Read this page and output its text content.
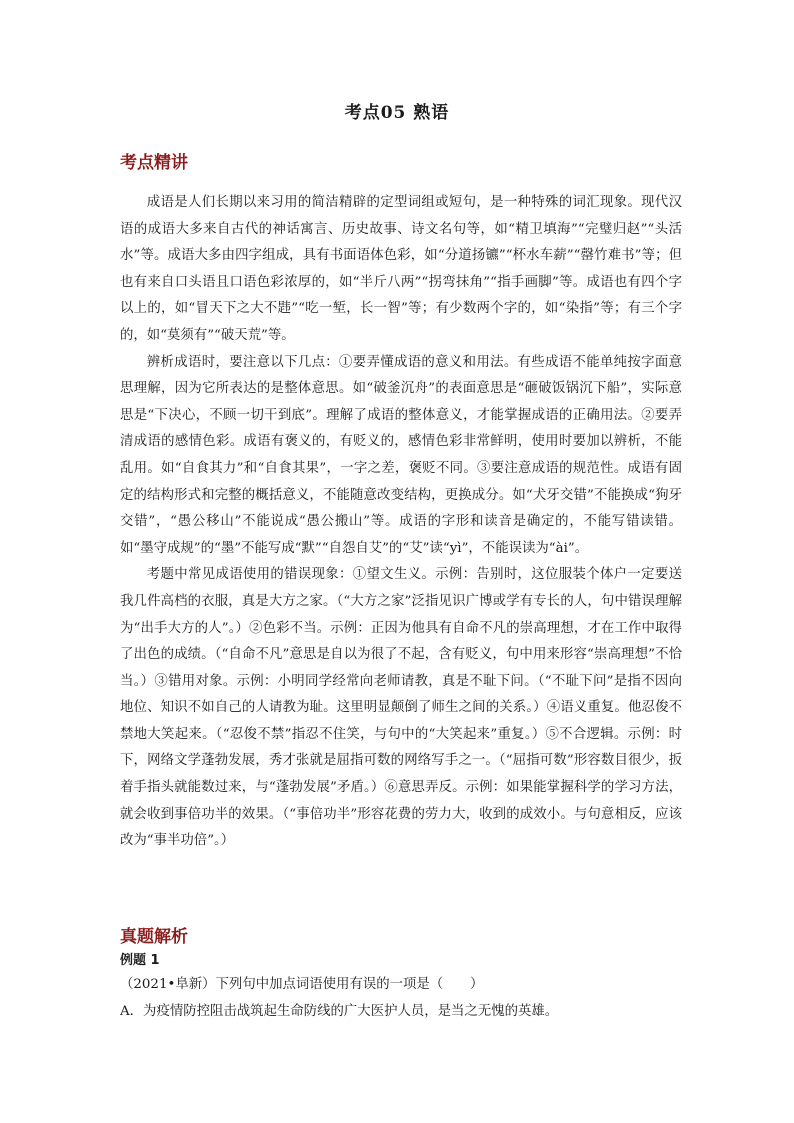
考点05 熟语
考点精讲

成语是人们长期以来习用的简洁精辟的定型词组或短句，是一种特殊的词汇现象。现代汉语的成语大多来自古代的神话寓言、历史故事、诗文名句等，如“精卫填海”“完璧归赵”“头活水”等。成语大多由四字组成，具有书面语体色彩，如“分道扬镳”“杯水车薪”“罄竹难书”等；但也有来自口头语且口语色彩浓厚的，如“半斤八两”“拐弯抹角”“指手画脚”等。成语也有四个字以上的，如“冒天下之大不韪”“吃一堑，长一智”等；有少数两个字的，如“染指”等；有三个字的，如“莫须有”“破天荒”等。

辨析成语时，要注意以下几点：①要弄懂成语的意义和用法。有些成语不能单纯按字面意思理解，因为它所表达的是整体意思。如“破釜沉舟”的表面意思是“砸破饭锅沉下船”，实际意思是“下决心，不顾一切干到底”。理解了成语的整体意义，才能掌握成语的正确用法。②要弄清成语的感情色彩。成语有褒义的，有贬义的，感情色彩非常鲜明，使用时要加以辨析，不能乱用。如“自食其力”和“自食其果”，一字之差，褒贬不同。③要注意成语的规范性。成语有固定的结构形式和完整的概括意义，不能随意改变结构，更换成分。如“犬牙交错”不能换成“狗牙交错”，“愚公移山”不能说成“愚公搬山”等。成语的字形和读音是确定的，不能写错读错。如“墨守成规”的“墨”不能写成“默”“自怨自艾”的“艾”读“yì”，不能误读为“ài”。

考题中常见成语使用的错误现象：①望文生义。示例：告别时，这位服装个体户一定要送我几件高档的衣服，真是大方之家。（“大方之家”泛指见识广博或学有专长的人，句中错误理解为“出手大方的人”。）②色彩不当。示例：正因为他具有自命不凡的崇高理想，才在工作中取得了出色的成绩。（“自命不凡”意思是自以为很了不起，含有贬义，句中用来形容“崇高理想”不恰当。）③错用对象。示例：小明同学经常向老师请教，真是不耻下问。（“不耻下问”是指不因向地位、知识不如自己的人请教为耻。这里明显颠倒了师生之间的关系。）④语义重复。他忍俊不禁地大笑起来。（“忍俊不禁”指忍不住笑，与句中的“大笑起来”重复。）⑤不合逻辑。示例：时下，网络文学蓬勃发展，秀才张就是屈指可数的网络写手之一。（“屈指可数”形容数目很少，扳着手指头就能数过来，与“蓬勃发展”矛盾。）⑥意思弄反。示例：如果能掌握科学的学习方法，就会收到事倍功半的效果。（“事倍功半”形容花费的劳力大，收到的成效小。与句意相反，应该改为“事半功倍”。）

真题解析
例题 1
（2021•阜新）下列句中加点词语使用有误的一项是（　　）
A．为疫情防控阻击战筑起生命防线的广大医护人员，是当之无愧的英雄。
